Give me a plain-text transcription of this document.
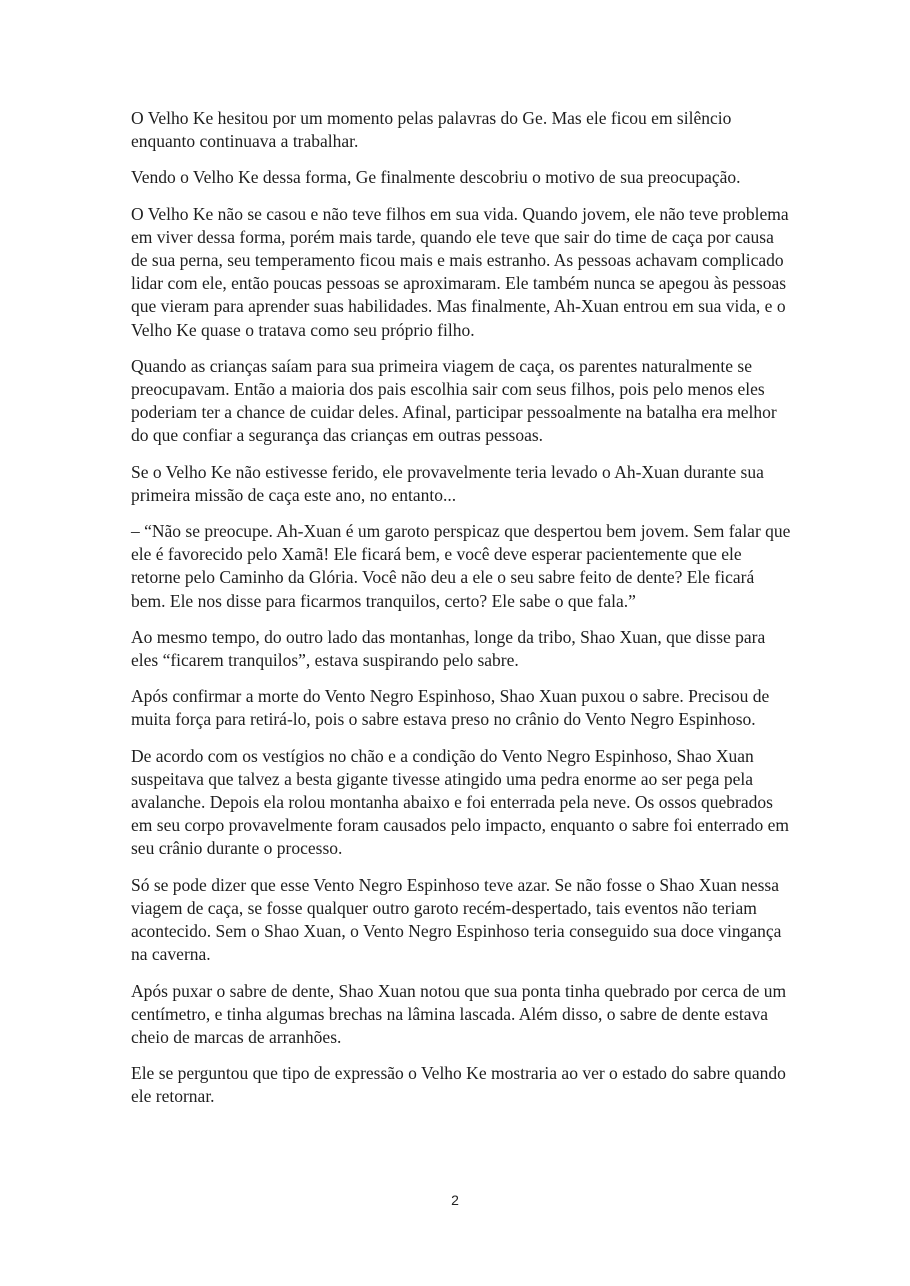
O Velho Ke hesitou por um momento pelas palavras do Ge. Mas ele ficou em silêncio enquanto continuava a trabalhar.

Vendo o Velho Ke dessa forma, Ge finalmente descobriu o motivo de sua preocupação.

O Velho Ke não se casou e não teve filhos em sua vida. Quando jovem, ele não teve problema em viver dessa forma, porém mais tarde, quando ele teve que sair do time de caça por causa de sua perna, seu temperamento ficou mais e mais estranho. As pessoas achavam complicado lidar com ele, então poucas pessoas se aproximaram. Ele também nunca se apegou às pessoas que vieram para aprender suas habilidades. Mas finalmente, Ah-Xuan entrou em sua vida, e o Velho Ke quase o tratava como seu próprio filho.

Quando as crianças saíam para sua primeira viagem de caça, os parentes naturalmente se preocupavam. Então a maioria dos pais escolhia sair com seus filhos, pois pelo menos eles poderiam ter a chance de cuidar deles. Afinal, participar pessoalmente na batalha era melhor do que confiar a segurança das crianças em outras pessoas.

Se o Velho Ke não estivesse ferido, ele provavelmente teria levado o Ah-Xuan durante sua primeira missão de caça este ano, no entanto...

– “Não se preocupe. Ah-Xuan é um garoto perspicaz que despertou bem jovem. Sem falar que ele é favorecido pelo Xamã! Ele ficará bem, e você deve esperar pacientemente que ele retorne pelo Caminho da Glória. Você não deu a ele o seu sabre feito de dente? Ele ficará bem. Ele nos disse para ficarmos tranquilos, certo? Ele sabe o que fala.”

Ao mesmo tempo, do outro lado das montanhas, longe da tribo, Shao Xuan, que disse para eles “ficarem tranquilos”, estava suspirando pelo sabre.

Após confirmar a morte do Vento Negro Espinhoso, Shao Xuan puxou o sabre. Precisou de muita força para retirá-lo, pois o sabre estava preso no crânio do Vento Negro Espinhoso.

De acordo com os vestígios no chão e a condição do Vento Negro Espinhoso, Shao Xuan suspeitava que talvez a besta gigante tivesse atingido uma pedra enorme ao ser pega pela avalanche. Depois ela rolou montanha abaixo e foi enterrada pela neve. Os ossos quebrados em seu corpo provavelmente foram causados pelo impacto, enquanto o sabre foi enterrado em seu crânio durante o processo.

Só se pode dizer que esse Vento Negro Espinhoso teve azar. Se não fosse o Shao Xuan nessa viagem de caça, se fosse qualquer outro garoto recém-despertado, tais eventos não teriam acontecido. Sem o Shao Xuan, o Vento Negro Espinhoso teria conseguido sua doce vingança na caverna.

Após puxar o sabre de dente, Shao Xuan notou que sua ponta tinha quebrado por cerca de um centímetro, e tinha algumas brechas na lâmina lascada. Além disso, o sabre de dente estava cheio de marcas de arranhões.

Ele se perguntou que tipo de expressão o Velho Ke mostraria ao ver o estado do sabre quando ele retornar.

2
